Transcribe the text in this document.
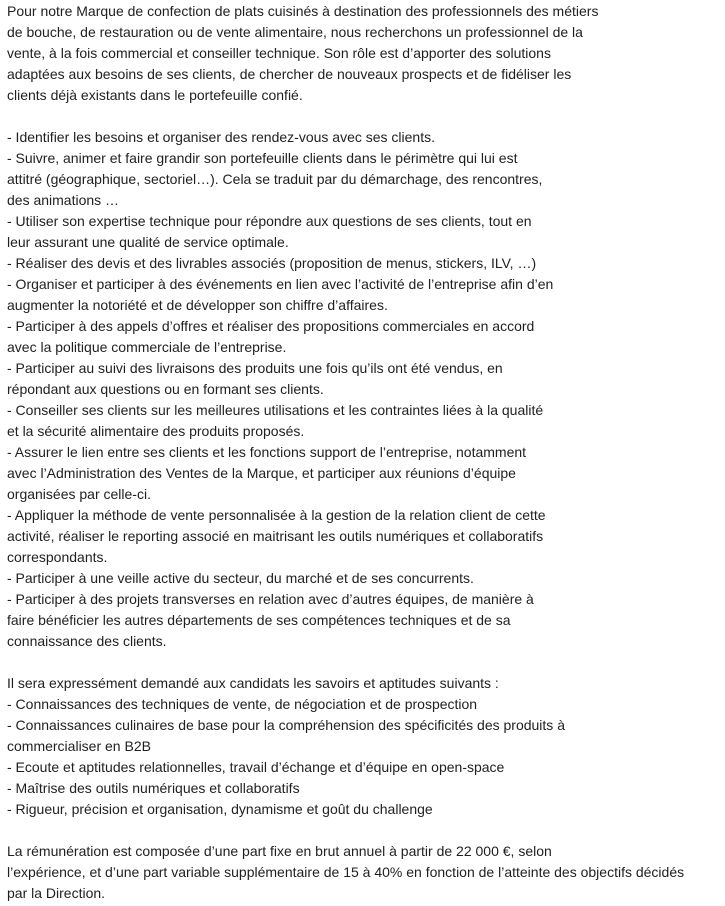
Pour notre Marque de confection de plats cuisinés à destination des professionnels des métiers
de bouche, de restauration ou de vente alimentaire, nous recherchons un professionnel de la
vente, à la fois commercial et conseiller technique. Son rôle est d’apporter des solutions
adaptées aux besoins de ses clients, de chercher de nouveaux prospects et de fidéliser les
clients déjà existants dans le portefeuille confié.
- Identifier les besoins et organiser des rendez-vous avec ses clients.
- Suivre, animer et faire grandir son portefeuille clients dans le périmètre qui lui est
attitré (géographique, sectoriel…). Cela se traduit par du démarchage, des rencontres,
des animations …
- Utiliser son expertise technique pour répondre aux questions de ses clients, tout en
leur assurant une qualité de service optimale.
- Réaliser des devis et des livrables associés (proposition de menus, stickers, ILV, …)
- Organiser et participer à des événements en lien avec l’activité de l’entreprise afin d’en
augmenter la notoriété et de développer son chiffre d’affaires.
- Participer à des appels d’offres et réaliser des propositions commerciales en accord
avec la politique commerciale de l’entreprise.
- Participer au suivi des livraisons des produits une fois qu’ils ont été vendus, en
répondant aux questions ou en formant ses clients.
- Conseiller ses clients sur les meilleures utilisations et les contraintes liées à la qualité
et la sécurité alimentaire des produits proposés.
- Assurer le lien entre ses clients et les fonctions support de l’entreprise, notamment
avec l’Administration des Ventes de la Marque, et participer aux réunions d’équipe
organisées par celle-ci.
- Appliquer la méthode de vente personnalisée à la gestion de la relation client de cette
activité, réaliser le reporting associé en maitrisant les outils numériques et collaboratifs
correspondants.
- Participer à une veille active du secteur, du marché et de ses concurrents.
- Participer à des projets transverses en relation avec d’autres équipes, de manière à
faire bénéficier les autres départements de ses compétences techniques et de sa
connaissance des clients.
Il sera expressément demandé aux candidats les savoirs et aptitudes suivants :
- Connaissances des techniques de vente, de négociation et de prospection
- Connaissances culinaires de base pour la compréhension des spécificités des produits à
commercialiser en B2B
- Ecoute et aptitudes relationnelles, travail d’échange et d’équipe en open-space
- Maîtrise des outils numériques et collaboratifs
- Rigueur, précision et organisation, dynamisme et goût du challenge
La rémunération est composée d’une part fixe en brut annuel à partir de 22 000 €, selon
l’expérience, et d’une part variable supplémentaire de 15 à 40% en fonction de l’atteinte des objectifs décidés
par la Direction.
